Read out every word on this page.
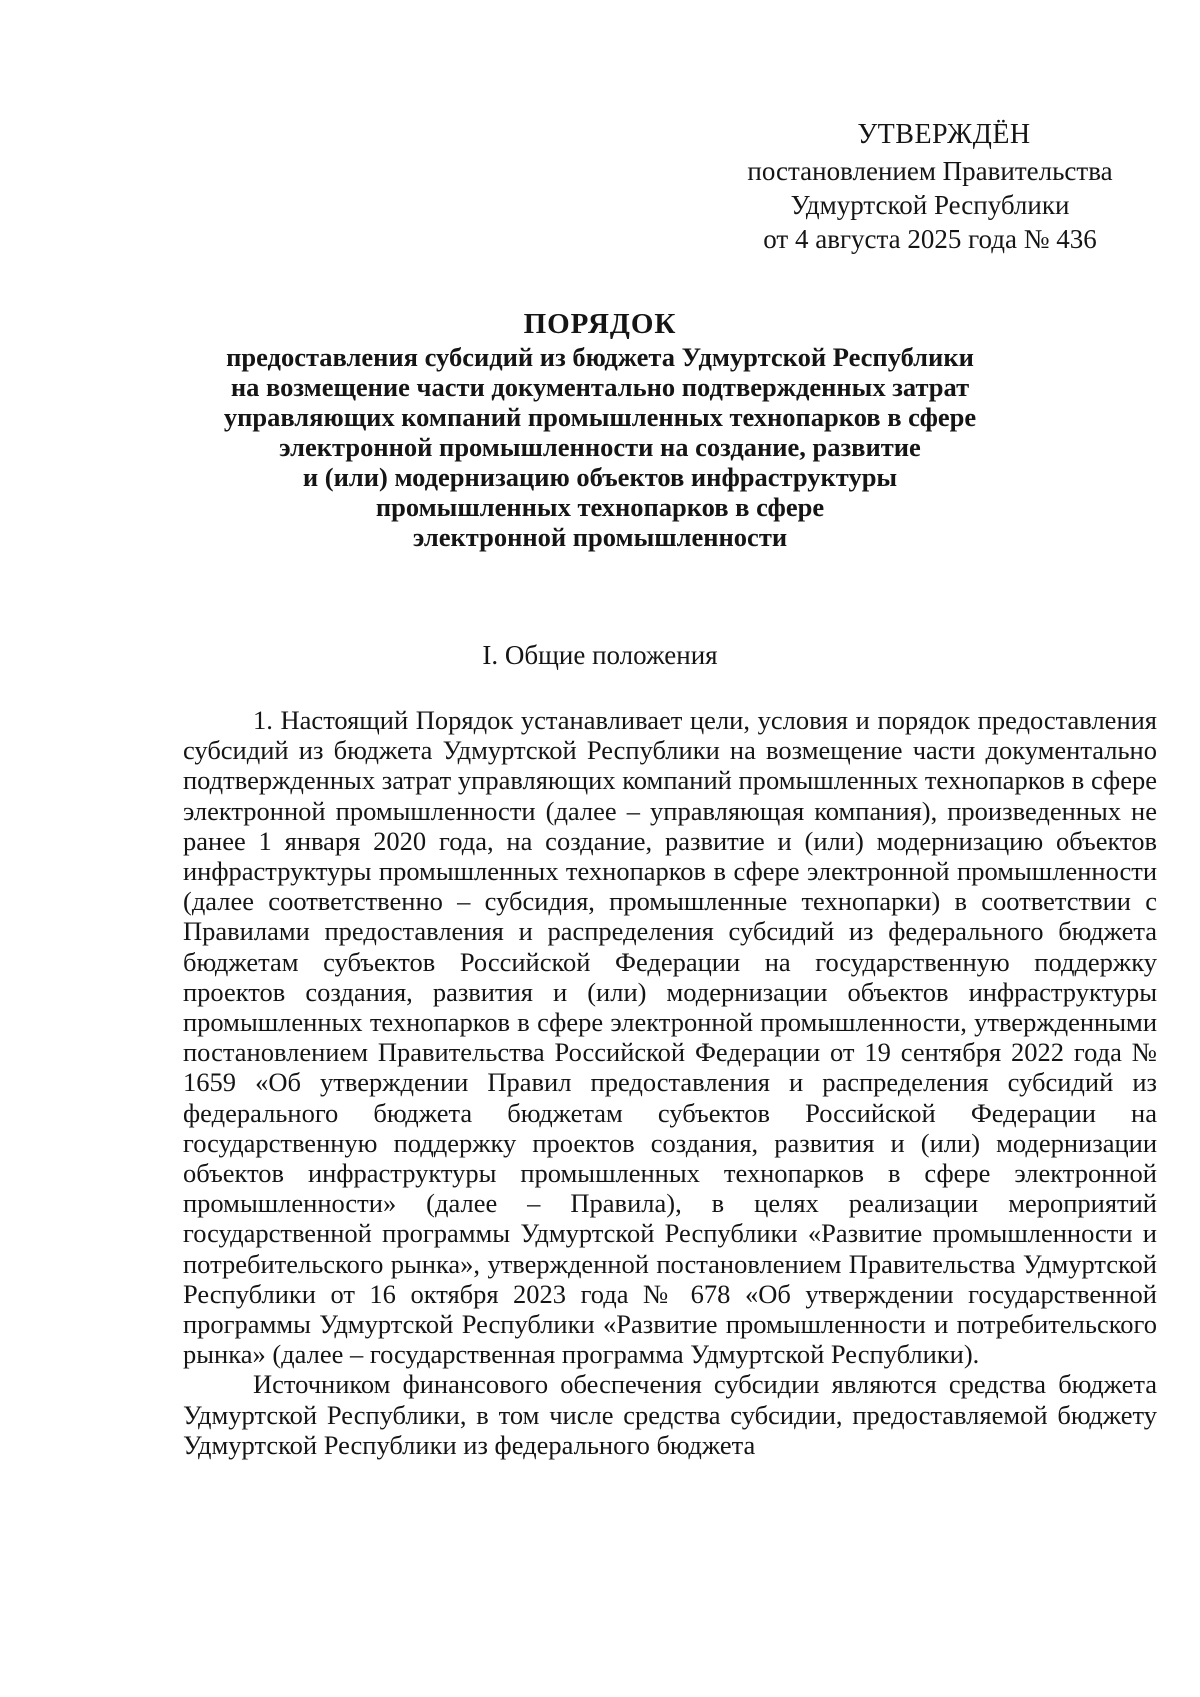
УТВЕРЖДЁН
постановлением Правительства
Удмуртской Республики
от 4 августа 2025 года № 436
ПОРЯДОК
предоставления субсидий из бюджета Удмуртской Республики
на возмещение части документально подтвержденных затрат
управляющих компаний промышленных технопарков в сфере
электронной промышленности на создание, развитие
и (или) модернизацию объектов инфраструктуры
промышленных технопарков в сфере
электронной промышленности
I. Общие положения

1. Настоящий Порядок устанавливает цели, условия и порядок предоставления субсидий из бюджета Удмуртской Республики на возмещение части документально подтвержденных затрат управляющих компаний промышленных технопарков в сфере электронной промышленности (далее – управляющая компания), произведенных не ранее 1 января 2020 года, на создание, развитие и (или) модернизацию объектов инфраструктуры промышленных технопарков в сфере электронной промышленности (далее соответственно – субсидия, промышленные технопарки) в соответствии с Правилами предоставления и распределения субсидий из федерального бюджета бюджетам субъектов Российской Федерации на государственную поддержку проектов создания, развития и (или) модернизации объектов инфраструктуры промышленных технопарков в сфере электронной промышленности, утвержденными постановлением Правительства Российской Федерации от 19 сентября 2022 года № 1659 «Об утверждении Правил предоставления и распределения субсидий из федерального бюджета бюджетам субъектов Российской Федерации на государственную поддержку проектов создания, развития и (или) модернизации объектов инфраструктуры промышленных технопарков в сфере электронной промышленности» (далее – Правила), в целях реализации мероприятий государственной программы Удмуртской Республики «Развитие промышленности и потребительского рынка», утвержденной постановлением Правительства Удмуртской Республики от 16 октября 2023 года № 678 «Об утверждении государственной программы Удмуртской Республики «Развитие промышленности и потребительского рынка» (далее – государственная программа Удмуртской Республики).

Источником финансового обеспечения субсидии являются средства бюджета Удмуртской Республики, в том числе средства субсидии, предоставляемой бюджету Удмуртской Республики из федерального бюджета
